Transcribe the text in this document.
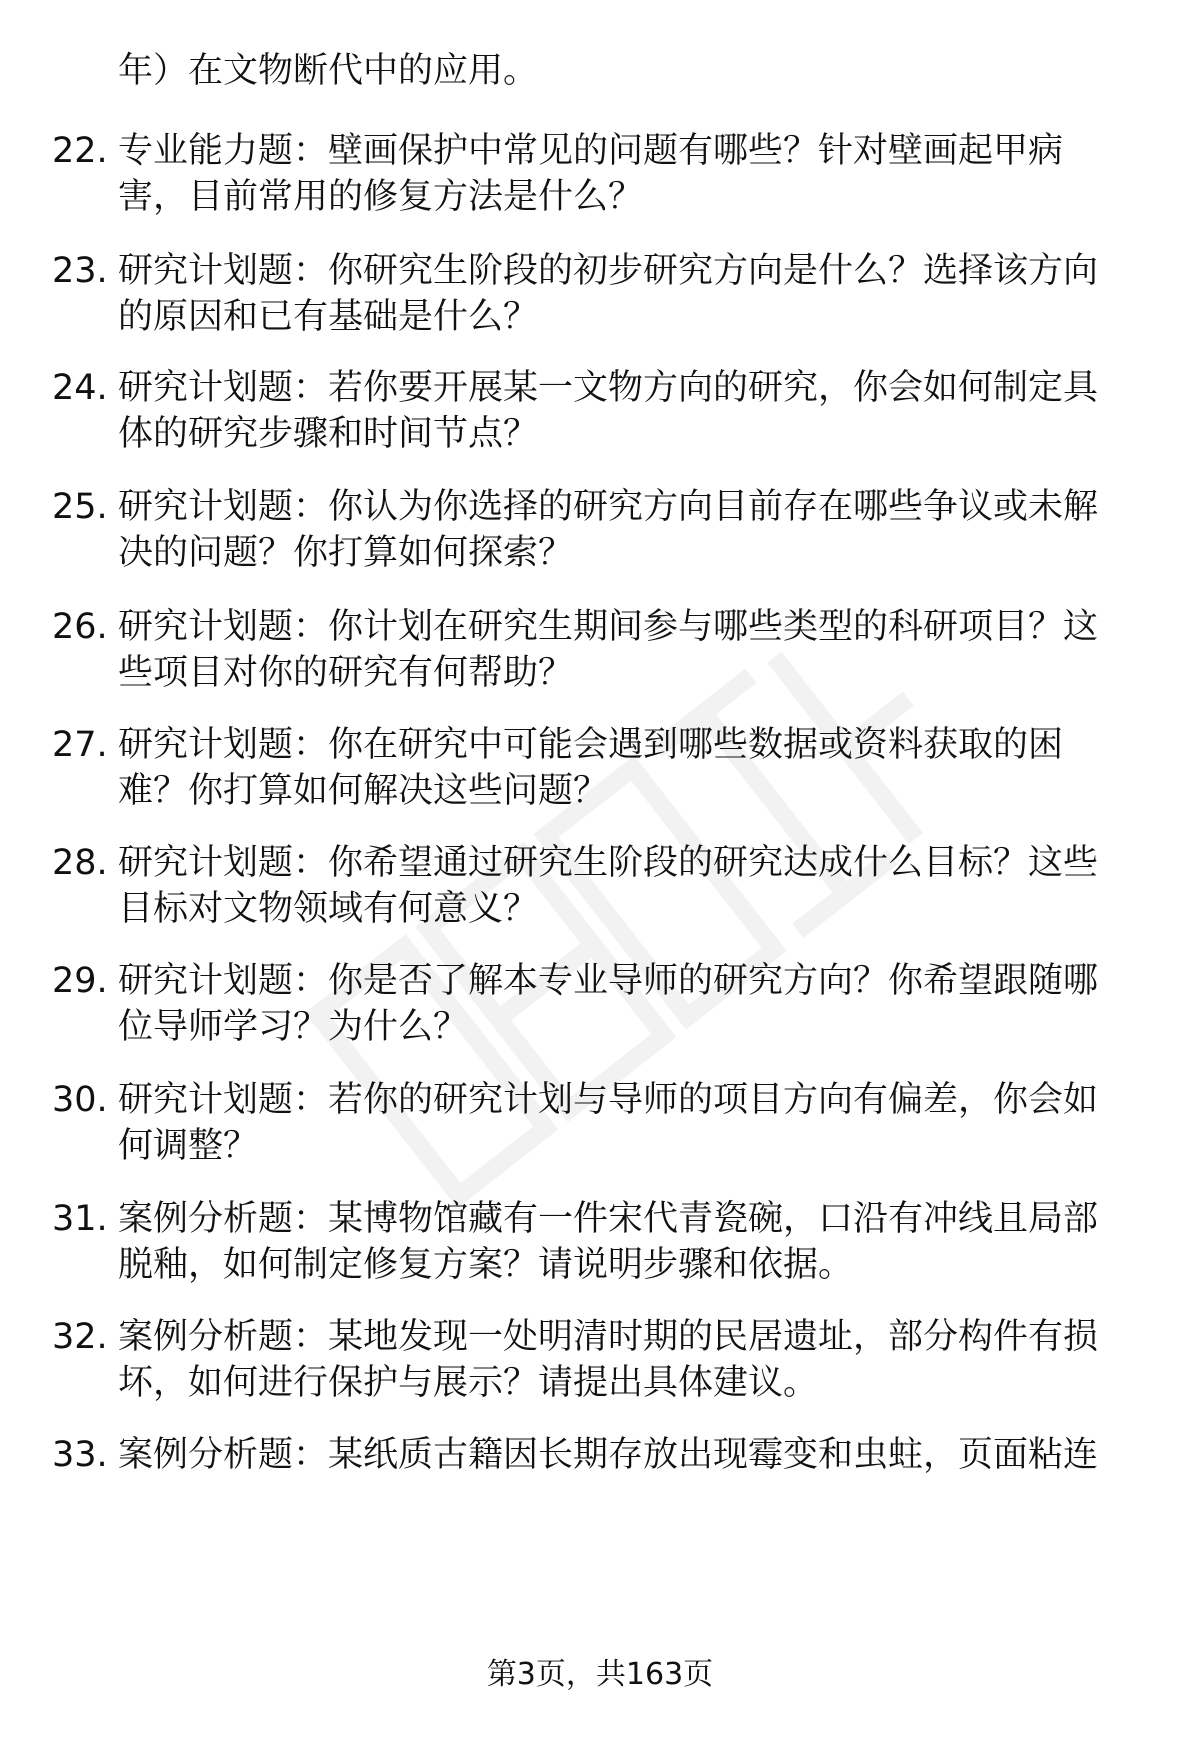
年）在文物断代中的应用。
22. 专业能力题：壁画保护中常见的问题有哪些？针对壁画起甲病
害，目前常用的修复方法是什么？
23. 研究计划题：你研究生阶段的初步研究方向是什么？选择该方向
的原因和已有基础是什么？
24. 研究计划题：若你要开展某一文物方向的研究，你会如何制定具
体的研究步骤和时间节点？
25. 研究计划题：你认为你选择的研究方向目前存在哪些争议或未解
决的问题？你打算如何探索？
26. 研究计划题：你计划在研究生期间参与哪些类型的科研项目？这
些项目对你的研究有何帮助？
27. 研究计划题：你在研究中可能会遇到哪些数据或资料获取的困
难？你打算如何解决这些问题？
28. 研究计划题：你希望通过研究生阶段的研究达成什么目标？这些
目标对文物领域有何意义？
29. 研究计划题：你是否了解本专业导师的研究方向？你希望跟随哪
位导师学习？为什么？
30. 研究计划题：若你的研究计划与导师的项目方向有偏差，你会如
何调整？
31. 案例分析题：某博物馆藏有一件宋代青瓷碗，口沿有冲线且局部
脱釉，如何制定修复方案？请说明步骤和依据。
32. 案例分析题：某地发现一处明清时期的民居遗址，部分构件有损
坏，如何进行保护与展示？请提出具体建议。
33. 案例分析题：某纸质古籍因长期存放出现霉变和虫蛀，页面粘连
第3页，共163页
